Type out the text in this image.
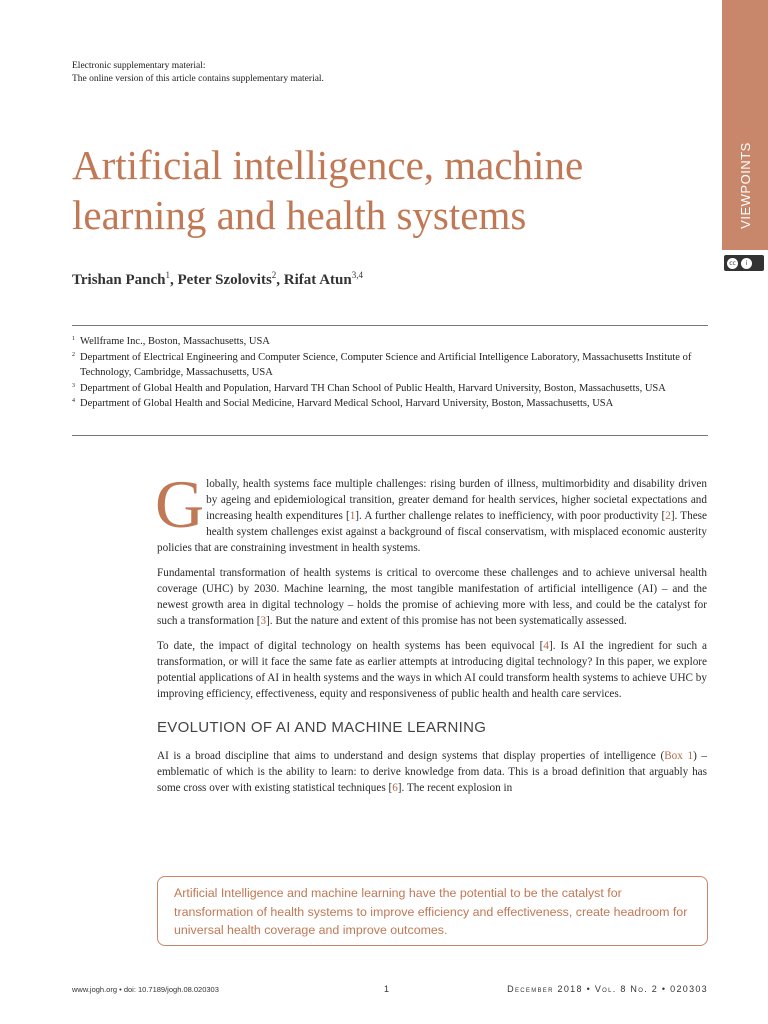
VIEWPOINTS
cc	i
Electronic supplementary material:
The online version of this article contains supplementary material.
Artificial intelligence, machine learning and health systems
Trishan Panch$^1$, Peter Szolovits$^2$, Rifat Atun$^{3,4}$
1 Wellframe Inc., Boston, Massachusetts, USA
2 Department of Electrical Engineering and Computer Science, Computer Science and Artificial Intelligence Laboratory, Massachusetts Institute of Technology, Cambridge, Massachusetts, USA
3 Department of Global Health and Population, Harvard TH Chan School of Public Health, Harvard University, Boston, Massachusetts, USA
4 Department of Global Health and Social Medicine, Harvard Medical School, Harvard University, Boston, Massachusetts, USA

Globally, health systems face multiple challenges: rising burden of illness, multimorbidity and disability driven by ageing and epidemiological transition, greater demand for health services, higher societal expectations and increasing health expenditures [1]. A further challenge relates to inefficiency, with poor productivity [2]. These health system challenges exist against a background of fiscal conservatism, with misplaced economic austerity policies that are constraining investment in health systems.

Fundamental transformation of health systems is critical to overcome these challenges and to achieve universal health coverage (UHC) by 2030. Machine learning, the most tangible manifestation of artificial intelligence (AI) – and the newest growth area in digital technology – holds the promise of achieving more with less, and could be the catalyst for such a transformation [3]. But the nature and extent of this promise has not been systematically assessed.

To date, the impact of digital technology on health systems has been equivocal [4]. Is AI the ingredient for such a transformation, or will it face the same fate as earlier attempts at introducing digital technology? In this paper, we explore potential applications of AI in health systems and the ways in which AI could transform health systems to achieve UHC by improving efficiency, effectiveness, equity and responsiveness of public health and health care services.

EVOLUTION OF AI AND MACHINE LEARNING

AI is a broad discipline that aims to understand and design systems that display properties of intelligence (Box 1) – emblematic of which is the ability to learn: to derive knowledge from data. This is a broad definition that arguably has some cross over with existing statistical techniques [6]. The recent explosion in

Artificial Intelligence and machine learning have the potential to be the catalyst for transformation of health systems to improve efficiency and effectiveness, create headroom for universal health coverage and improve outcomes.
www.jogh.org • doi: 10.7189/jogh.08.020303	1	December 2018 • Vol. 8 No. 2 • 020303
